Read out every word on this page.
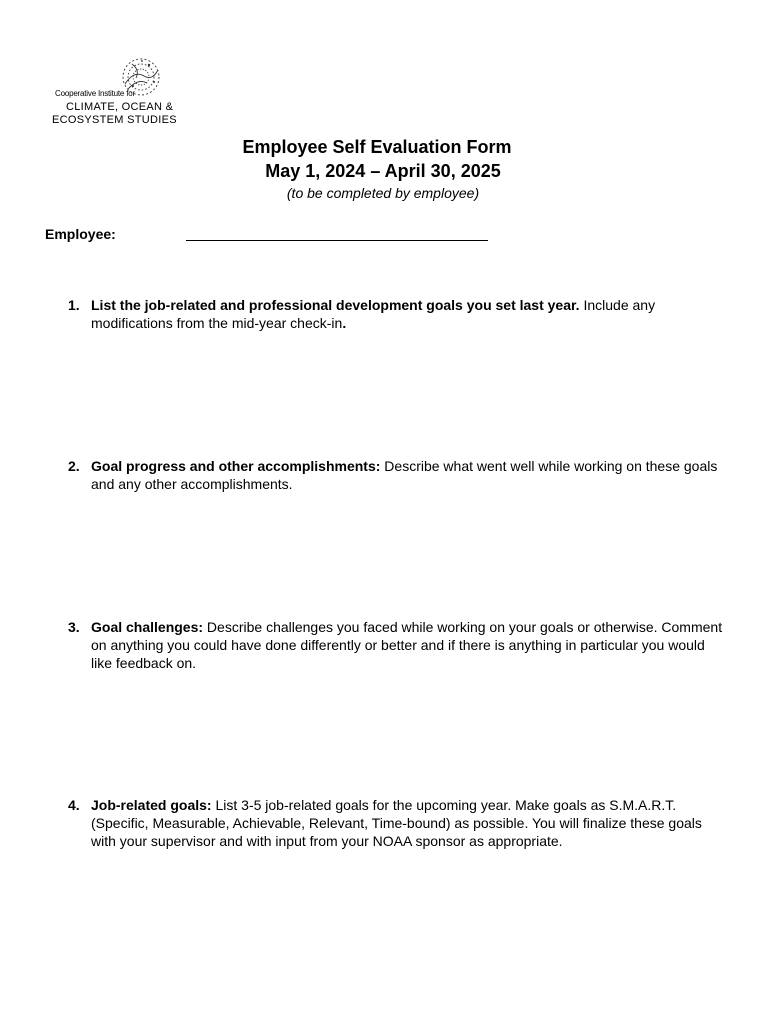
Cooperative Institute for
CLIMATE, OCEAN &
ECOSYSTEM STUDIES
Employee Self Evaluation Form
May 1, 2024 – April 30, 2025
(to be completed by employee)
Employee:
1. List the job-related and professional development goals you set last year. Include any modifications from the mid-year check-in.
2. Goal progress and other accomplishments: Describe what went well while working on these goals and any other accomplishments.
3. Goal challenges: Describe challenges you faced while working on your goals or otherwise. Comment on anything you could have done differently or better and if there is anything in particular you would like feedback on.
4. Job-related goals: List 3-5 job-related goals for the upcoming year. Make goals as S.M.A.R.T. (Specific, Measurable, Achievable, Relevant, Time-bound) as possible. You will finalize these goals with your supervisor and with input from your NOAA sponsor as appropriate.
